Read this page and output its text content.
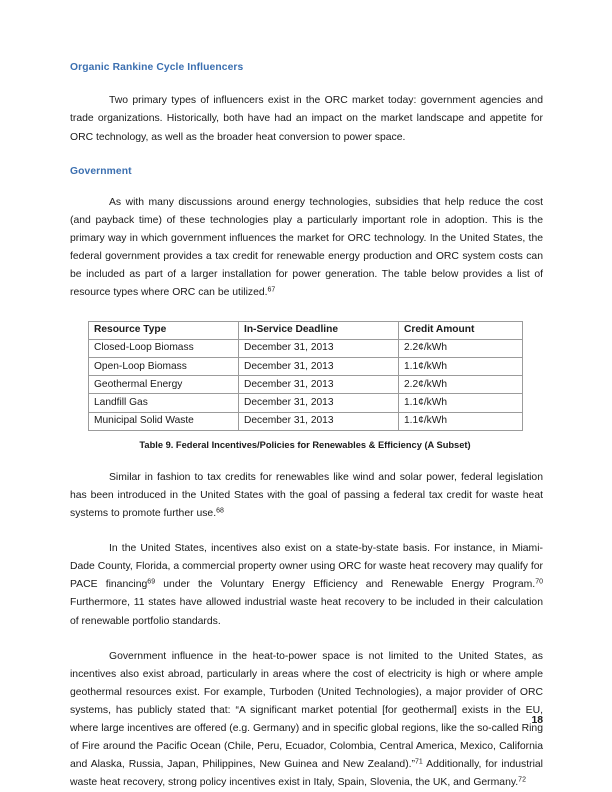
Organic Rankine Cycle Influencers

Two primary types of influencers exist in the ORC market today: government agencies and trade organizations. Historically, both have had an impact on the market landscape and appetite for ORC technology, as well as the broader heat conversion to power space.

Government

As with many discussions around energy technologies, subsidies that help reduce the cost (and payback time) of these technologies play a particularly important role in adoption. This is the primary way in which government influences the market for ORC technology. In the United States, the federal government provides a tax credit for renewable energy production and ORC system costs can be included as part of a larger installation for power generation. The table below provides a list of resource types where ORC can be utilized.$^{67}$

Resource Type	In-Service Deadline	Credit Amount
Closed-Loop Biomass	December 31, 2013	2.2¢/kWh
Open-Loop Biomass	December 31, 2013	1.1¢/kWh
Geothermal Energy	December 31, 2013	2.2¢/kWh
Landfill Gas	December 31, 2013	1.1¢/kWh
Municipal Solid Waste	December 31, 2013	1.1¢/kWh
Table 9. Federal Incentives/Policies for Renewables & Efficiency (A Subset)

Similar in fashion to tax credits for renewables like wind and solar power, federal legislation has been introduced in the United States with the goal of passing a federal tax credit for waste heat systems to promote further use.$^{68}$

In the United States, incentives also exist on a state-by-state basis. For instance, in Miami-Dade County, Florida, a commercial property owner using ORC for waste heat recovery may qualify for PACE financing$^{69}$ under the Voluntary Energy Efficiency and Renewable Energy Program.$^{70}$ Furthermore, 11 states have allowed industrial waste heat recovery to be included in their calculation of renewable portfolio standards.

Government influence in the heat-to-power space is not limited to the United States, as incentives also exist abroad, particularly in areas where the cost of electricity is high or where ample geothermal resources exist. For example, Turboden (United Technologies), a major provider of ORC systems, has publicly stated that: “A significant market potential [for geothermal] exists in the EU, where large incentives are offered (e.g. Germany) and in specific global regions, like the so-called Ring of Fire around the Pacific Ocean (Chile, Peru, Ecuador, Colombia, Central America, Mexico, California and Alaska, Russia, Japan, Philippines, New Guinea and New Zealand).”$^{71}$ Additionally, for industrial waste heat recovery, strong policy incentives exist in Italy, Spain, Slovenia, the UK, and Germany.$^{72}$

18
